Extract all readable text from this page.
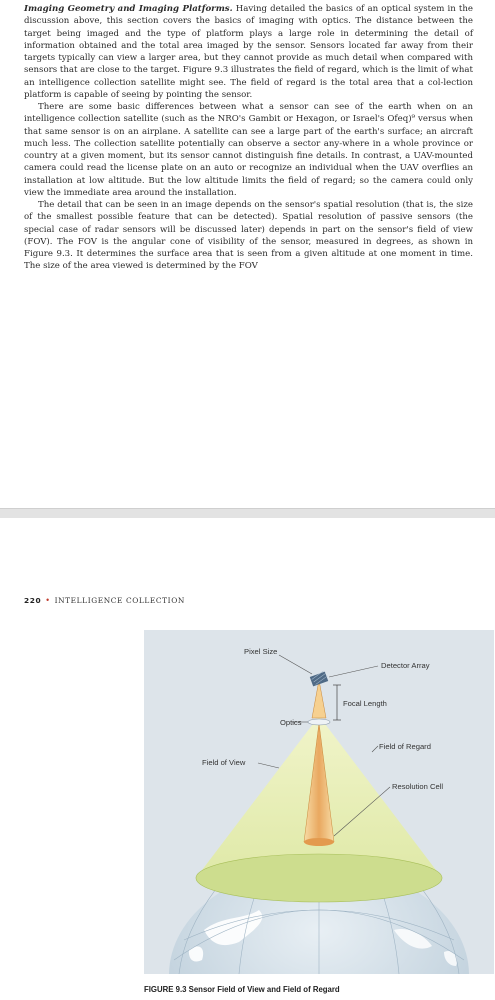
Imaging Geometry and Imaging Platforms. Having detailed the basics of an optical system in the discussion above, this section covers the basics of imaging with optics. The distance between the target being imaged and the type of platform plays a large role in determining the detail of information obtained and the total area imaged by the sensor. Sensors located far away from their targets typically can view a larger area, but they cannot provide as much detail when compared with sensors that are close to the target. Figure 9.3 illustrates the field of regard, which is the limit of what an intelligence collection satellite might see. The field of regard is the total area that a col-lection platform is capable of seeing by pointing the sensor.

There are some basic differences between what a sensor can see of the earth when on an intelligence collection satellite (such as the NRO's Gambit or Hexagon, or Israel's Ofeq)⁹ versus when that same sensor is on an airplane. A satellite can see a large part of the earth's surface; an aircraft much less. The collection satellite potentially can observe a sector any-where in a whole province or country at a given moment, but its sensor cannot distinguish fine details. In contrast, a UAV-mounted camera could read the license plate on an auto or recognize an individual when the UAV overflies an installation at low altitude. But the low altitude limits the field of regard; so the camera could only view the immediate area around the installation.

The detail that can be seen in an image depends on the sensor's spatial resolution (that is, the size of the smallest possible feature that can be detected). Spatial resolution of passive sensors (the special case of radar sensors will be discussed later) depends in part on the sensor's field of view (FOV). The FOV is the angular cone of visibility of the sensor, measured in degrees, as shown in Figure 9.3. It determines the surface area that is seen from a given altitude at one moment in time. The size of the area viewed is determined by the FOV

220 • INTELLIGENCE COLLECTION
Pixel Size
Detector Array
Focal Length
Optics
Field of Regard
Field of View
Resolution Cell
FIGURE 9.3 Sensor Field of View and Field of Regard
